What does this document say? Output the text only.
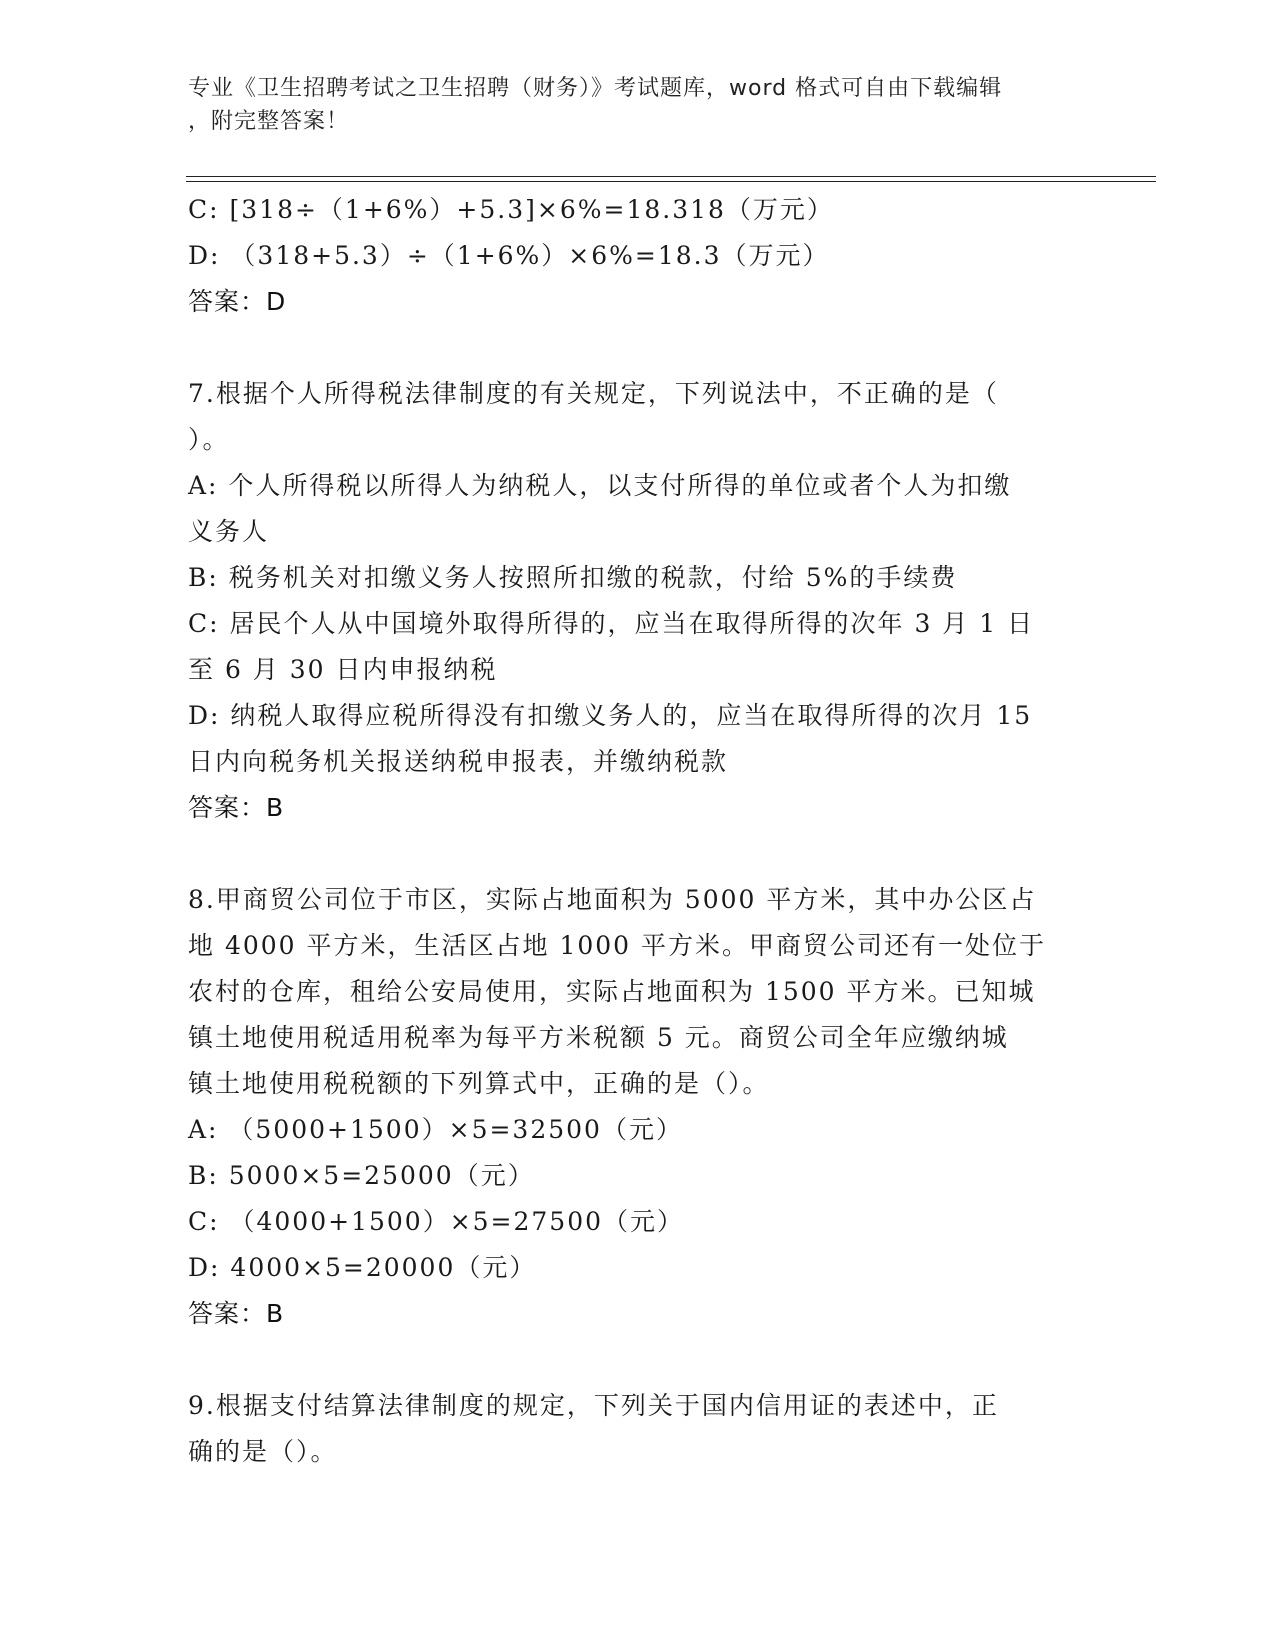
专业《卫生招聘考试之卫生招聘（财务）》考试题库，word 格式可自由下载编辑
，附完整答案！
C: [318÷（1+6%）+5.3]×6%=18.318（万元）
D: （318+5.3）÷（1+6%）×6%=18.3（万元）
答案：D
7.根据个人所得税法律制度的有关规定，下列说法中，不正确的是（
）。
A: 个人所得税以所得人为纳税人，以支付所得的单位或者个人为扣缴
义务人
B: 税务机关对扣缴义务人按照所扣缴的税款，付给 5%的手续费
C: 居民个人从中国境外取得所得的，应当在取得所得的次年 3 月 1 日
至 6 月 30 日内申报纳税
D: 纳税人取得应税所得没有扣缴义务人的，应当在取得所得的次月 15
日内向税务机关报送纳税申报表，并缴纳税款
答案：B
8.甲商贸公司位于市区，实际占地面积为 5000 平方米，其中办公区占
地 4000 平方米，生活区占地 1000 平方米。甲商贸公司还有一处位于
农村的仓库，租给公安局使用，实际占地面积为 1500 平方米。已知城
镇土地使用税适用税率为每平方米税额 5 元。商贸公司全年应缴纳城
镇土地使用税税额的下列算式中，正确的是（）。
A: （5000+1500）×5=32500（元）
B: 5000×5=25000（元）
C: （4000+1500）×5=27500（元）
D: 4000×5=20000（元）
答案：B
9.根据支付结算法律制度的规定，下列关于国内信用证的表述中，正
确的是（）。
